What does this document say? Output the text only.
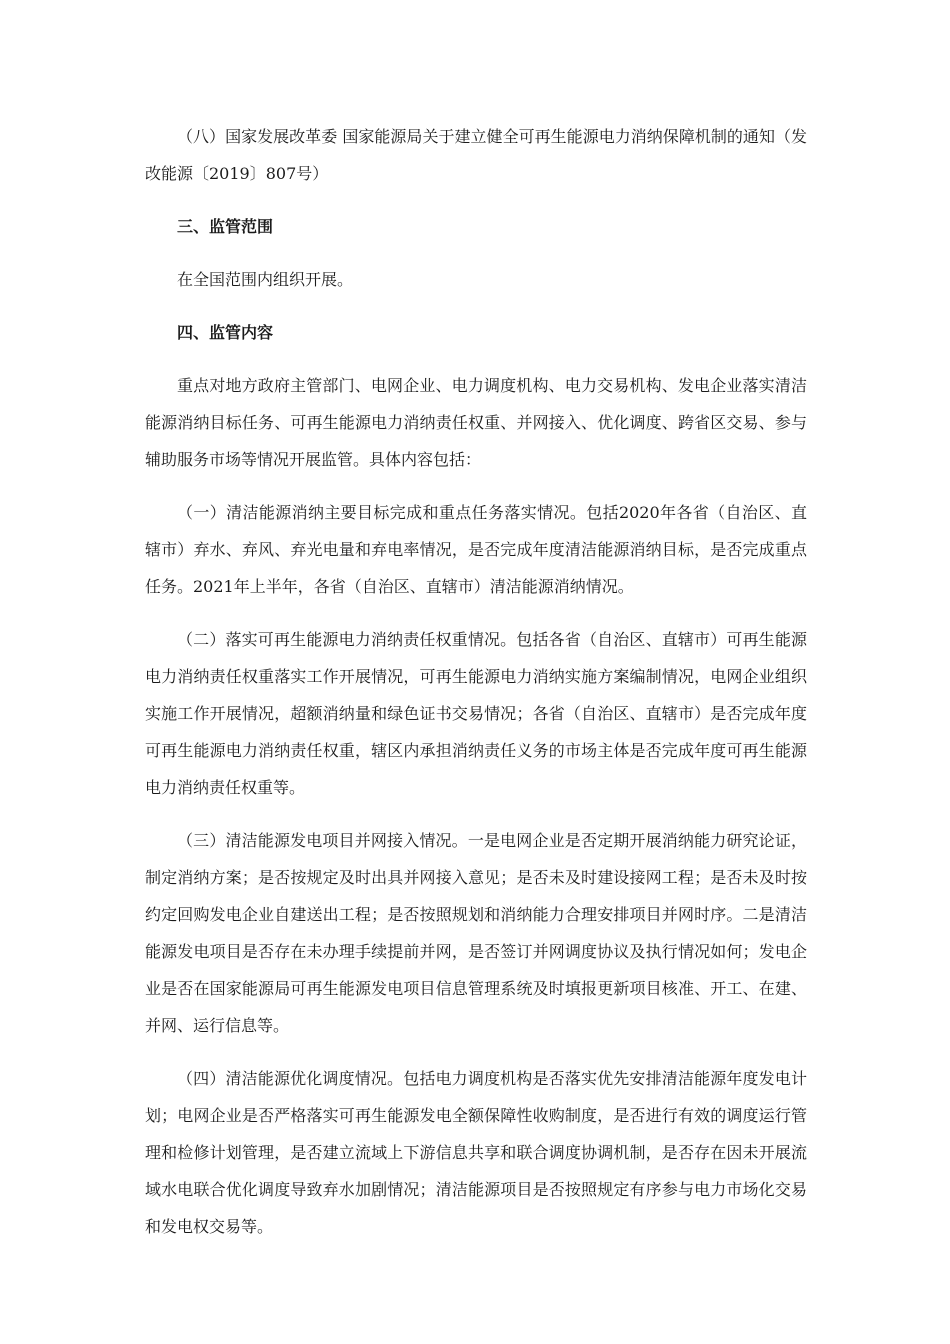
（八）国家发展改革委 国家能源局关于建立健全可再生能源电力消纳保障机制的通知（发改能源〔2019〕807号）

三、监管范围

在全国范围内组织开展。

四、监管内容

重点对地方政府主管部门、电网企业、电力调度机构、电力交易机构、发电企业落实清洁能源消纳目标任务、可再生能源电力消纳责任权重、并网接入、优化调度、跨省区交易、参与辅助服务市场等情况开展监管。具体内容包括：

（一）清洁能源消纳主要目标完成和重点任务落实情况。包括2020年各省（自治区、直辖市）弃水、弃风、弃光电量和弃电率情况，是否完成年度清洁能源消纳目标，是否完成重点任务。2021年上半年，各省（自治区、直辖市）清洁能源消纳情况。

（二）落实可再生能源电力消纳责任权重情况。包括各省（自治区、直辖市）可再生能源电力消纳责任权重落实工作开展情况，可再生能源电力消纳实施方案编制情况，电网企业组织实施工作开展情况，超额消纳量和绿色证书交易情况；各省（自治区、直辖市）是否完成年度可再生能源电力消纳责任权重，辖区内承担消纳责任义务的市场主体是否完成年度可再生能源电力消纳责任权重等。

（三）清洁能源发电项目并网接入情况。一是电网企业是否定期开展消纳能力研究论证，制定消纳方案；是否按规定及时出具并网接入意见；是否未及时建设接网工程；是否未及时按约定回购发电企业自建送出工程；是否按照规划和消纳能力合理安排项目并网时序。二是清洁能源发电项目是否存在未办理手续提前并网，是否签订并网调度协议及执行情况如何；发电企业是否在国家能源局可再生能源发电项目信息管理系统及时填报更新项目核准、开工、在建、并网、运行信息等。

（四）清洁能源优化调度情况。包括电力调度机构是否落实优先安排清洁能源年度发电计划；电网企业是否严格落实可再生能源发电全额保障性收购制度，是否进行有效的调度运行管理和检修计划管理，是否建立流域上下游信息共享和联合调度协调机制，是否存在因未开展流域水电联合优化调度导致弃水加剧情况；清洁能源项目是否按照规定有序参与电力市场化交易和发电权交易等。
